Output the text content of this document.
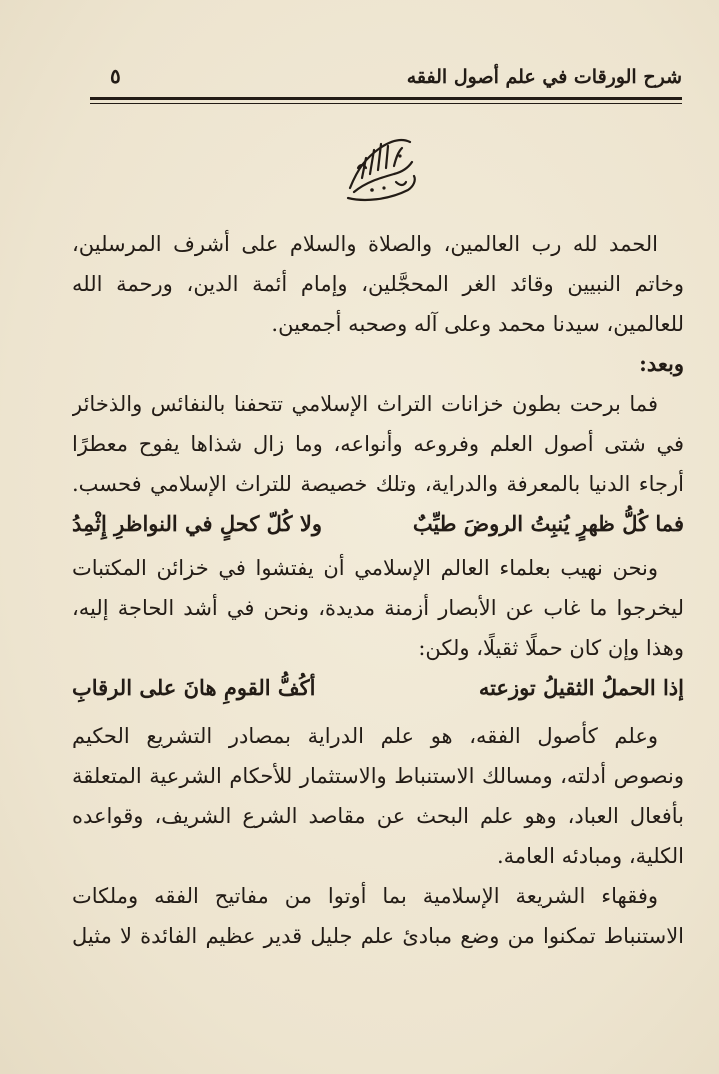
شرح الورقات في علم أصول الفقه
٥
الحمد لله رب العالمين، والصلاة والسلام على أشرف المرسلين،
وخاتم النبيين وقائد الغر المحجَّلين، وإمام أئمة الدين، ورحمة الله
للعالمين، سيدنا محمد وعلى آله وصحبه أجمعين.
وبعد:
فما برحت بطون خزانات التراث الإسلامي تتحفنا بالنفائس والذخائر
في شتى أصول العلم وفروعه وأنواعه، وما زال شذاها يفوح معطرًا
أرجاء الدنيا بالمعرفة والدراية، وتلك خصيصة للتراث الإسلامي فحسب.
فما كُلُّ ظهرٍ يُنبِتُ الروضَ طيِّبٌ
ولا كُلّ كحلٍ في النواظرِ إِثْمِدُ
ونحن نهيب بعلماء العالم الإسلامي أن يفتشوا في خزائن المكتبات
ليخرجوا ما غاب عن الأبصار أزمنة مديدة، ونحن في أشد الحاجة إليه،
وهذا وإن كان حملًا ثقيلًا، ولكن:
إذا الحملُ الثقيلُ توزعته
أكُفُّ القومِ هانَ على الرقابِ
وعلم كأصول الفقه، هو علم الدراية بمصادر التشريع الحكيم
ونصوص أدلته، ومسالك الاستنباط والاستثمار للأحكام الشرعية المتعلقة
بأفعال العباد، وهو علم البحث عن مقاصد الشرع الشريف، وقواعده
الكلية، ومبادئه العامة.
وفقهاء الشريعة الإسلامية بما أوتوا من مفاتيح الفقه وملكات
الاستنباط تمكنوا من وضع مبادئ علم جليل قدير عظيم الفائدة لا مثيل
